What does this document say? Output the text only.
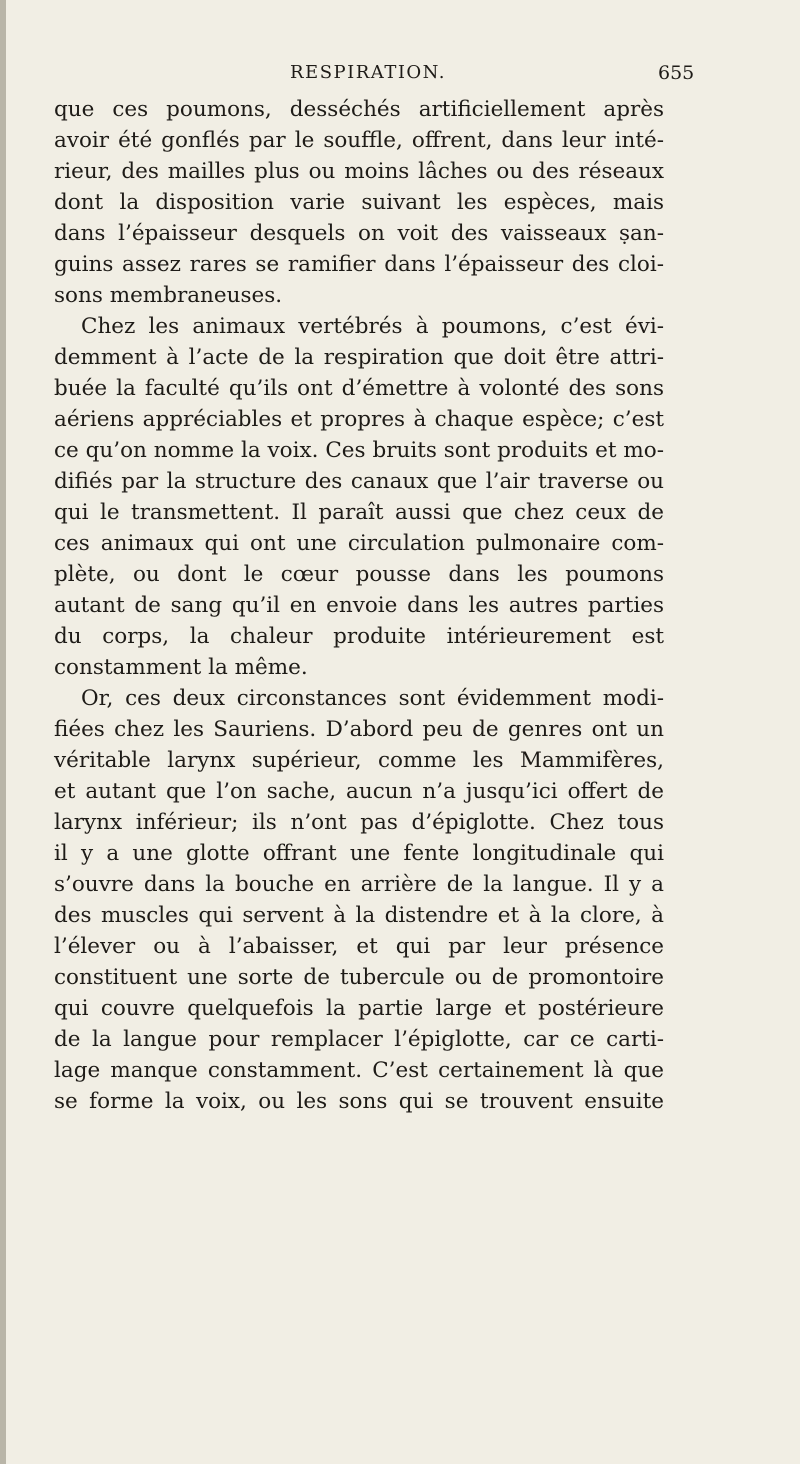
RESPIRATION.	655
que ces poumons, desséchés artificiellement après
avoir été gonflés par le souffle, offrent, dans leur inté-
rieur, des mailles plus ou moins lâches ou des réseaux
dont la disposition varie suivant les espèces, mais
dans l’épaisseur desquels on voit des vaisseaux ṣan-
guins assez rares se ramifier dans l’épaisseur des cloi-
sons membraneuses.
Chez les animaux vertébrés à poumons, c’est évi-
demment à l’acte de la respiration que doit être attri-
buée la faculté qu’ils ont d’émettre à volonté des sons
aériens appréciables et propres à chaque espèce; c’est
ce qu’on nomme la voix. Ces bruits sont produits et mo-
difiés par la structure des canaux que l’air traverse ou
qui le transmettent. Il paraît aussi que chez ceux de
ces animaux qui ont une circulation pulmonaire com-
plète, ou dont le cœur pousse dans les poumons
autant de sang qu’il en envoie dans les autres parties
du corps, la chaleur produite intérieurement est
constamment la même.
Or, ces deux circonstances sont évidemment modi-
fiées chez les Sauriens. D’abord peu de genres ont un
véritable larynx supérieur, comme les Mammifères,
et autant que l’on sache, aucun n’a jusqu’ici offert de
larynx inférieur; ils n’ont pas d’épiglotte. Chez tous
il y a une glotte offrant une fente longitudinale qui
s’ouvre dans la bouche en arrière de la langue. Il y a
des muscles qui servent à la distendre et à la clore, à
l’élever ou à l’abaisser, et qui par leur présence
constituent une sorte de tubercule ou de promontoire
qui couvre quelquefois la partie large et postérieure
de la langue pour remplacer l’épiglotte, car ce carti-
lage manque constamment. C’est certainement là que
se forme la voix, ou les sons qui se trouvent ensuite
